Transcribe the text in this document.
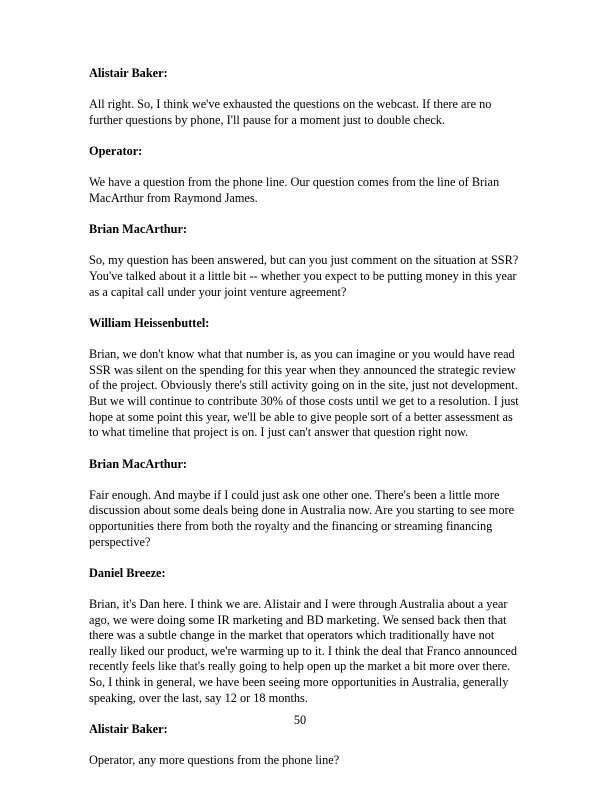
Alistair Baker:

All right. So, I think we've exhausted the questions on the webcast. If there are no further questions by phone, I'll pause for a moment just to double check.

Operator:

We have a question from the phone line. Our question comes from the line of Brian MacArthur from Raymond James.

Brian MacArthur:

So, my question has been answered, but can you just comment on the situation at SSR? You've talked about it a little bit -- whether you expect to be putting money in this year as a capital call under your joint venture agreement?

William Heissenbuttel:

Brian, we don't know what that number is, as you can imagine or you would have read SSR was silent on the spending for this year when they announced the strategic review of the project. Obviously there's still activity going on in the site, just not development. But we will continue to contribute 30% of those costs until we get to a resolution. I just hope at some point this year, we'll be able to give people sort of a better assessment as to what timeline that project is on. I just can't answer that question right now.

Brian MacArthur:

Fair enough. And maybe if I could just ask one other one. There's been a little more discussion about some deals being done in Australia now. Are you starting to see more opportunities there from both the royalty and the financing or streaming financing perspective?

Daniel Breeze:

Brian, it's Dan here. I think we are. Alistair and I were through Australia about a year ago, we were doing some IR marketing and BD marketing. We sensed back then that there was a subtle change in the market that operators which traditionally have not really liked our product, we're warming up to it. I think the deal that Franco announced recently feels like that's really going to help open up the market a bit more over there. So, I think in general, we have been seeing more opportunities in Australia, generally speaking, over the last, say 12 or 18 months.

Alistair Baker:

Operator, any more questions from the phone line?

50
